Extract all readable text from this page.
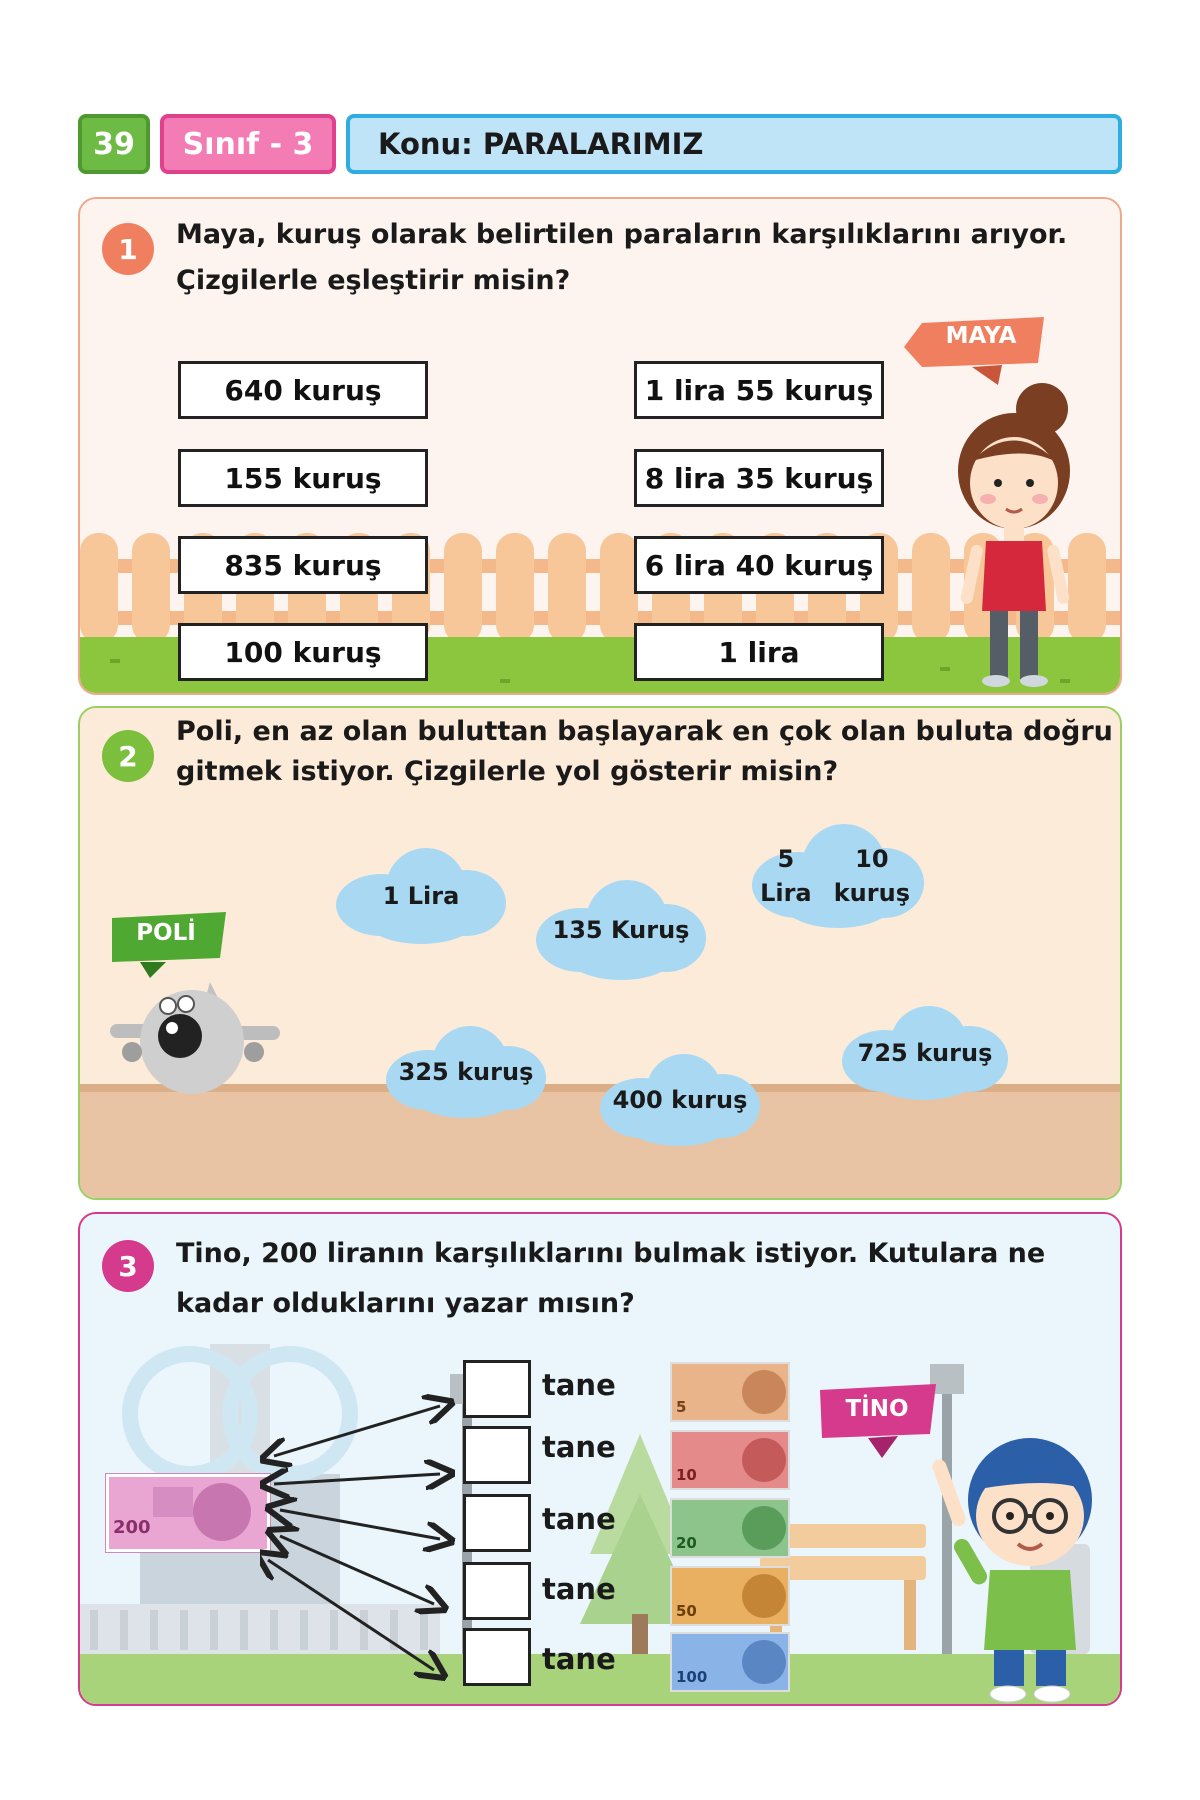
39	Sınıf - 3	Konu: PARALARIMIZ
1	Maya, kuruş olarak belirtilen paraların karşılıklarını arıyor.
Çizgilerle eşleştirir misin?
MAYA
640 kuruş
155 kuruş
835 kuruş
100 kuruş
1 lira 55 kuruş
8 lira 35 kuruş
6 lira 40 kuruş
1 lira
2
Poli, en az olan buluttan başlayarak en çok olan buluta doğru
gitmek istiyor. Çizgilerle yol gösterir misin?
POLİ
1 Lira
135 Kuruş
5 Lira

10 kuruş
325 kuruş
400 kuruş
725 kuruş
3	Tino, 200 liranın karşılıklarını bulmak istiyor. Kutulara ne
kadar olduklarını yazar mısın?
TİNO
200
tane
tane
tane
tane
tane
5
10
20
50
100
